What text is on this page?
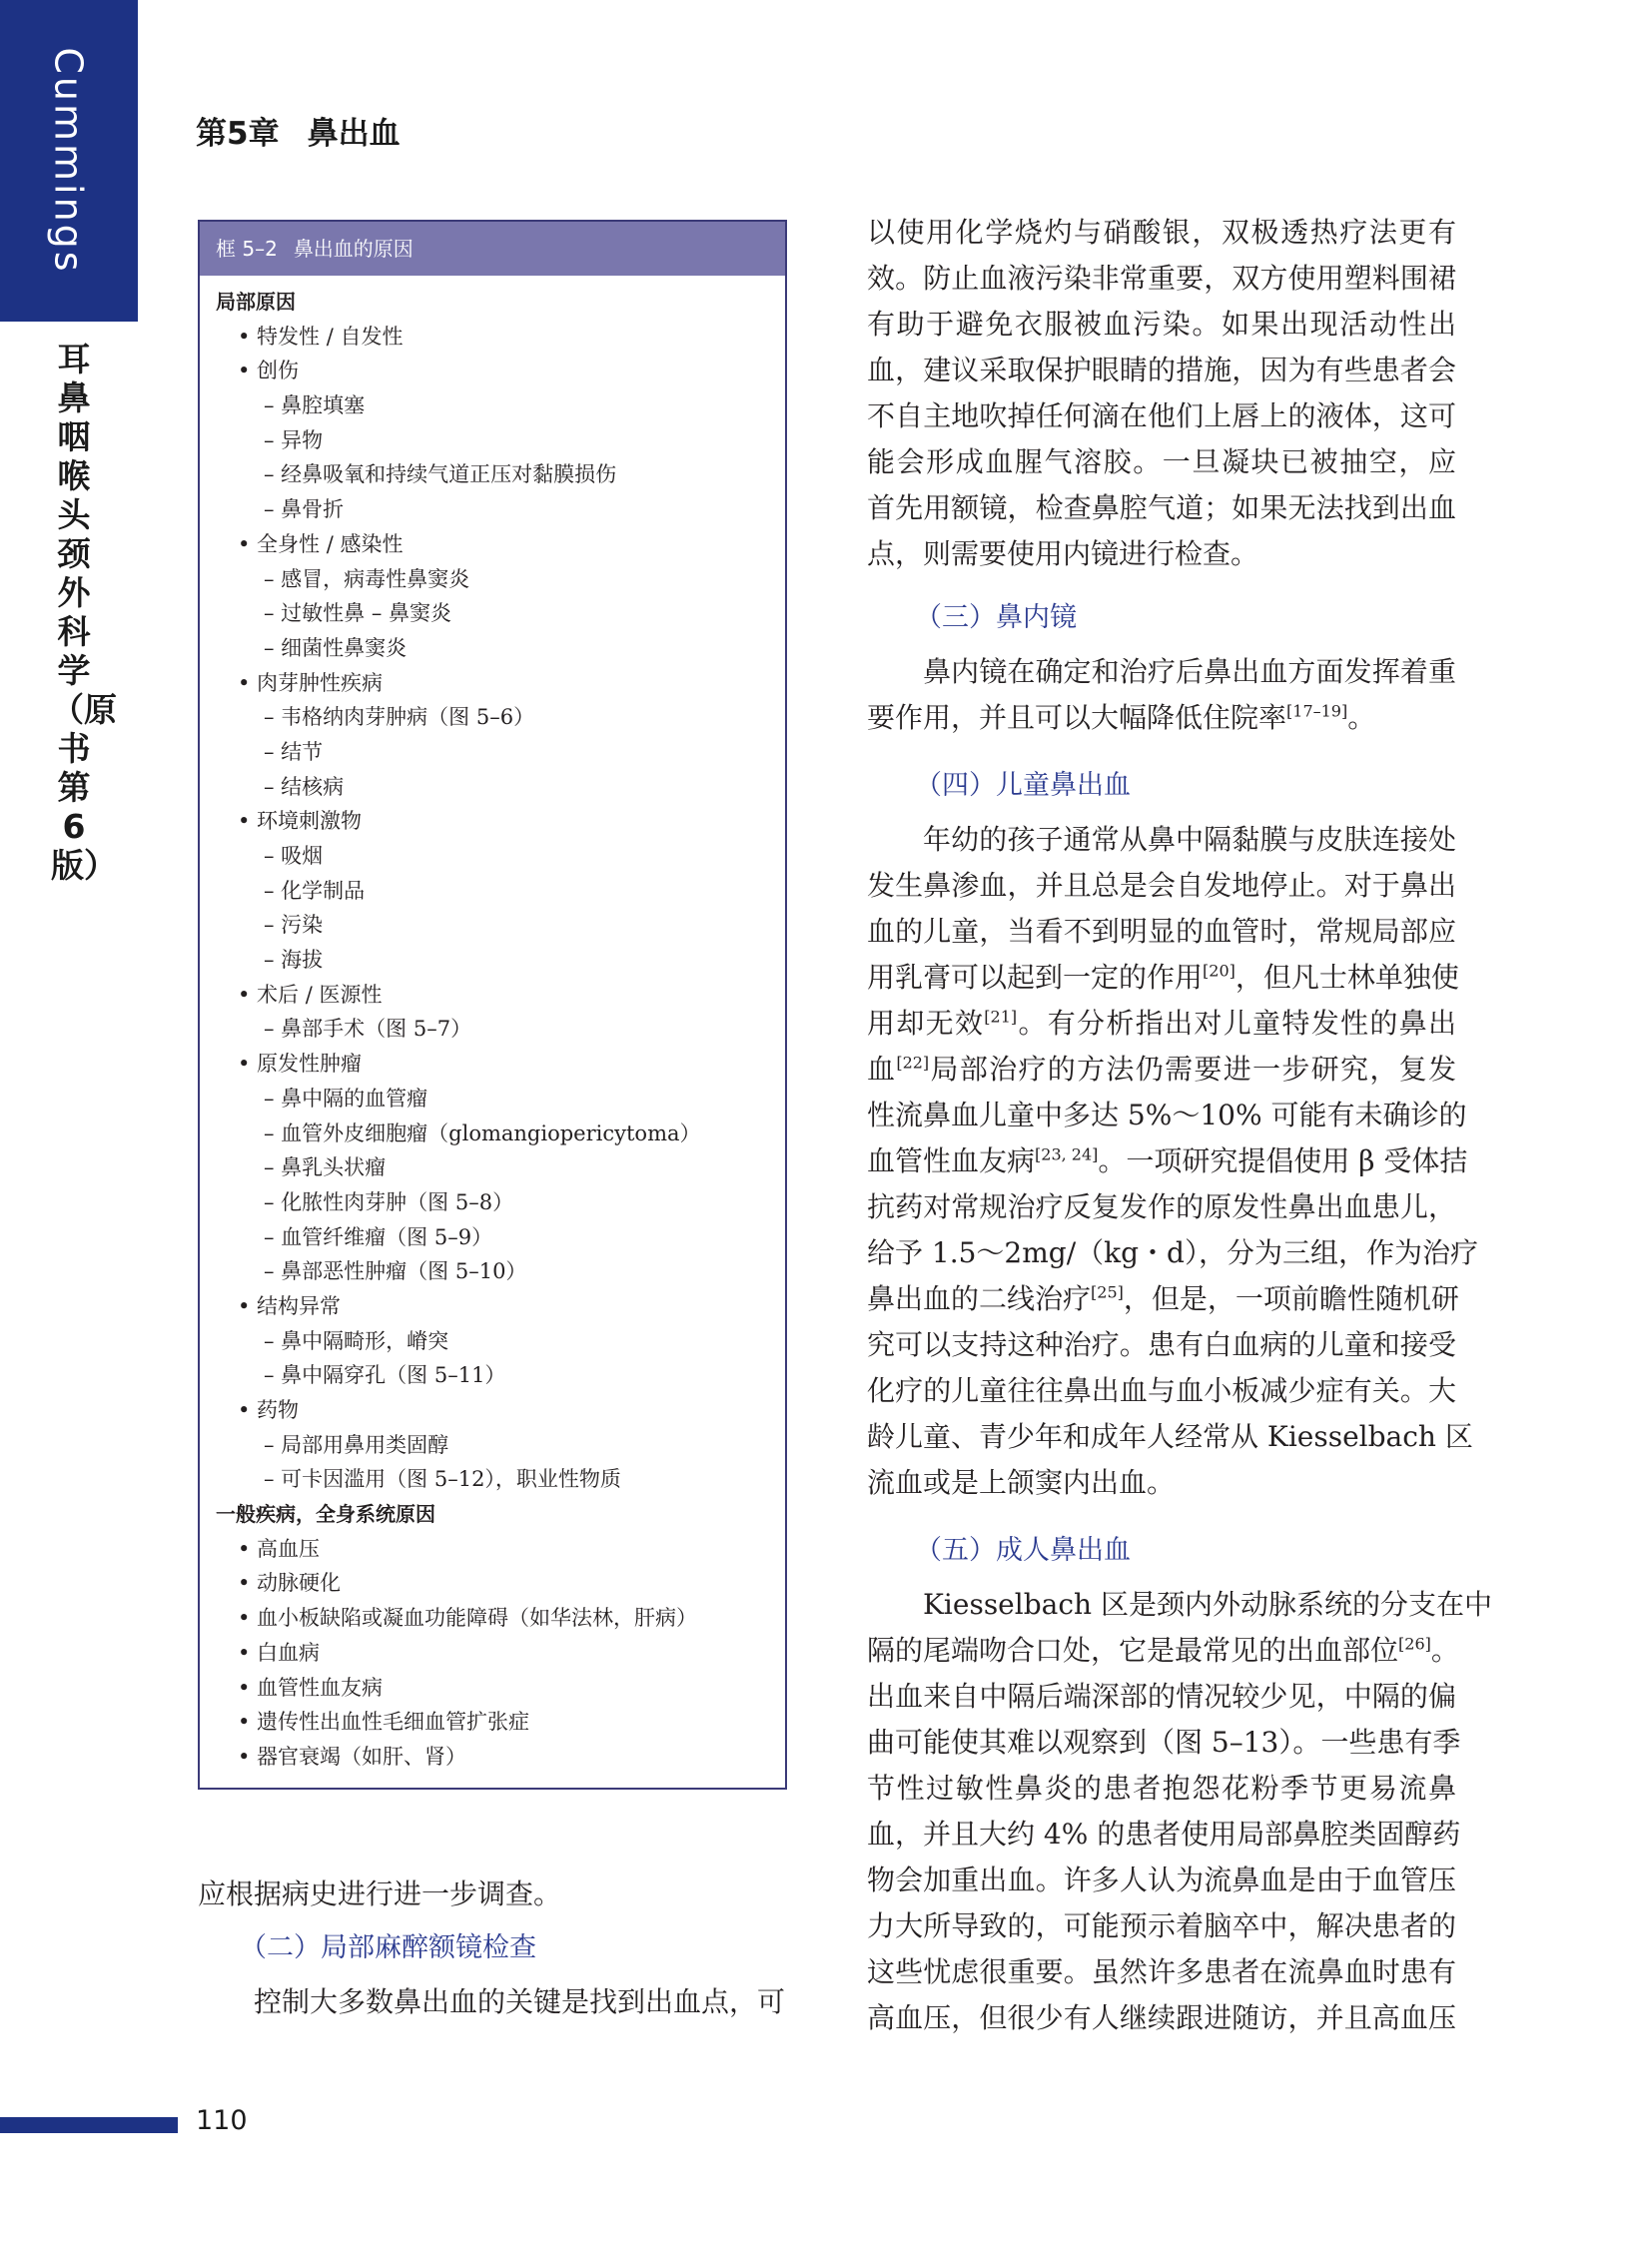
Cummings
耳鼻咽喉头颈外科学（原书第6版）
第5章 鼻出血
框 5–2 鼻出血的原因
局部原因
• 特发性 / 自发性
• 创伤
– 鼻腔填塞
– 异物
– 经鼻吸氧和持续气道正压对黏膜损伤
– 鼻骨折
• 全身性 / 感染性
– 感冒，病毒性鼻窦炎
– 过敏性鼻 – 鼻窦炎
– 细菌性鼻窦炎
• 肉芽肿性疾病
– 韦格纳肉芽肿病（图 5–6）
– 结节
– 结核病
• 环境刺激物
– 吸烟
– 化学制品
– 污染
– 海拔
• 术后 / 医源性
– 鼻部手术（图 5–7）
• 原发性肿瘤
– 鼻中隔的血管瘤
– 血管外皮细胞瘤（glomangiopericytoma）
– 鼻乳头状瘤
– 化脓性肉芽肿（图 5–8）
– 血管纤维瘤（图 5–9）
– 鼻部恶性肿瘤（图 5–10）
• 结构异常
– 鼻中隔畸形，嵴突
– 鼻中隔穿孔（图 5–11）
• 药物
– 局部用鼻用类固醇
– 可卡因滥用（图 5–12），职业性物质
一般疾病，全身系统原因
• 高血压
• 动脉硬化
• 血小板缺陷或凝血功能障碍（如华法林，肝病）
• 白血病
• 血管性血友病
• 遗传性出血性毛细血管扩张症
• 器官衰竭（如肝、肾）
应根据病史进行进一步调查。
（二）局部麻醉额镜检查
控制大多数鼻出血的关键是找到出血点，可
以使用化学烧灼与硝酸银，双极透热疗法更有
效。防止血液污染非常重要，双方使用塑料围裙
有助于避免衣服被血污染。如果出现活动性出
血，建议采取保护眼睛的措施，因为有些患者会
不自主地吹掉任何滴在他们上唇上的液体，这可
能会形成血腥气溶胶。一旦凝块已被抽空，应
首先用额镜，检查鼻腔气道；如果无法找到出血
点，则需要使用内镜进行检查。
（三）鼻内镜
鼻内镜在确定和治疗后鼻出血方面发挥着重
要作用，并且可以大幅降低住院率[17–19]。
（四）儿童鼻出血
年幼的孩子通常从鼻中隔黏膜与皮肤连接处
发生鼻渗血，并且总是会自发地停止。对于鼻出
血的儿童，当看不到明显的血管时，常规局部应
用乳膏可以起到一定的作用[20]，但凡士林单独使
用却无效[21]。有分析指出对儿童特发性的鼻出
血[22]局部治疗的方法仍需要进一步研究，复发
性流鼻血儿童中多达 5%～10% 可能有未确诊的
血管性血友病[23, 24]。一项研究提倡使用 β 受体拮
抗药对常规治疗反复发作的原发性鼻出血患儿，
给予 1.5～2mg/（kg・d），分为三组，作为治疗
鼻出血的二线治疗[25]，但是，一项前瞻性随机研
究可以支持这种治疗。患有白血病的儿童和接受
化疗的儿童往往鼻出血与血小板减少症有关。大
龄儿童、青少年和成年人经常从 Kiesselbach 区
流血或是上颌窦内出血。
（五）成人鼻出血
Kiesselbach 区是颈内外动脉系统的分支在中
隔的尾端吻合口处，它是最常见的出血部位[26]。
出血来自中隔后端深部的情况较少见，中隔的偏
曲可能使其难以观察到（图 5–13）。一些患有季
节性过敏性鼻炎的患者抱怨花粉季节更易流鼻
血，并且大约 4% 的患者使用局部鼻腔类固醇药
物会加重出血。许多人认为流鼻血是由于血管压
力大所导致的，可能预示着脑卒中，解决患者的
这些忧虑很重要。虽然许多患者在流鼻血时患有
高血压，但很少有人继续跟进随访，并且高血压
110
